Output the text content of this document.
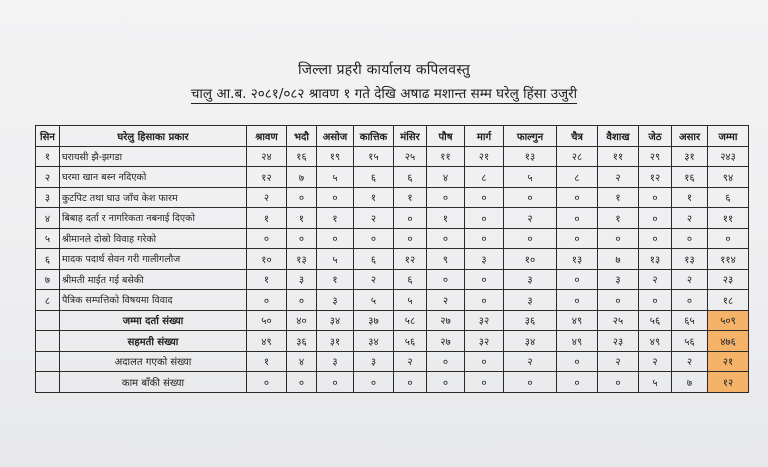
जिल्ला प्रहरी कार्यालय कपिलवस्तु
चालु आ.ब. २०८१/०८२ श्रावण १ गते देखि अषाढ मशान्त सम्म घरेलु हिंसा उजुरी
सिन	घरेलु हिसाका प्रकार	श्रावण	भदौ	असोज	कात्तिक	मंसिर	पौष	मार्ग	फाल्गुन	चैत्र	वैशाख	जेठ	असार	जम्मा
१	घरायसी झै-झगडा	२४	१६	१९	१५	२५	११	२१	१३	२८	११	२९	३१	२४३
२	घरमा खान बस्न नदिएको	१२	७	५	६	६	४	८	५	८	२	१२	१६	९४
३	कुटपिट तथा घाउ जाँच केश फारम	२	०	०	१	१	०	०	०	०	१	०	१	६
४	बिबाह दर्ता र नागरिकता नबनाई दिएको	१	१	१	२	०	१	०	२	०	१	०	२	११
५	श्रीमानले दोस्रो विवाह गरेको	०	०	०	०	०	०	०	०	०	०	०	०	०
६	मादक पदार्थ सेवन गरी गालीगलौज	१०	१३	५	६	१२	९	३	१०	१३	७	१३	१३	११४
७	श्रीमती माईत गई बसेकी	१	३	१	२	६	०	०	३	०	३	२	२	२३
८	पैत्रिक सम्पत्तिको विषयमा विवाद	०	०	३	५	५	२	०	३	०	०	०	०	१८
	जम्मा दर्ता संख्या	५०	४०	३४	३७	५८	२७	३२	३६	४९	२५	५६	६५	५०९
	सहमती संख्या	४९	३६	३१	३४	५६	२७	३२	३४	४९	२३	४९	५६	४७६
	अदालत गएको संख्या	१	४	३	३	२	०	०	२	०	२	२	२	२१
	काम बाँकी संख्या	०	०	०	०	०	०	०	०	०	०	५	७	१२
